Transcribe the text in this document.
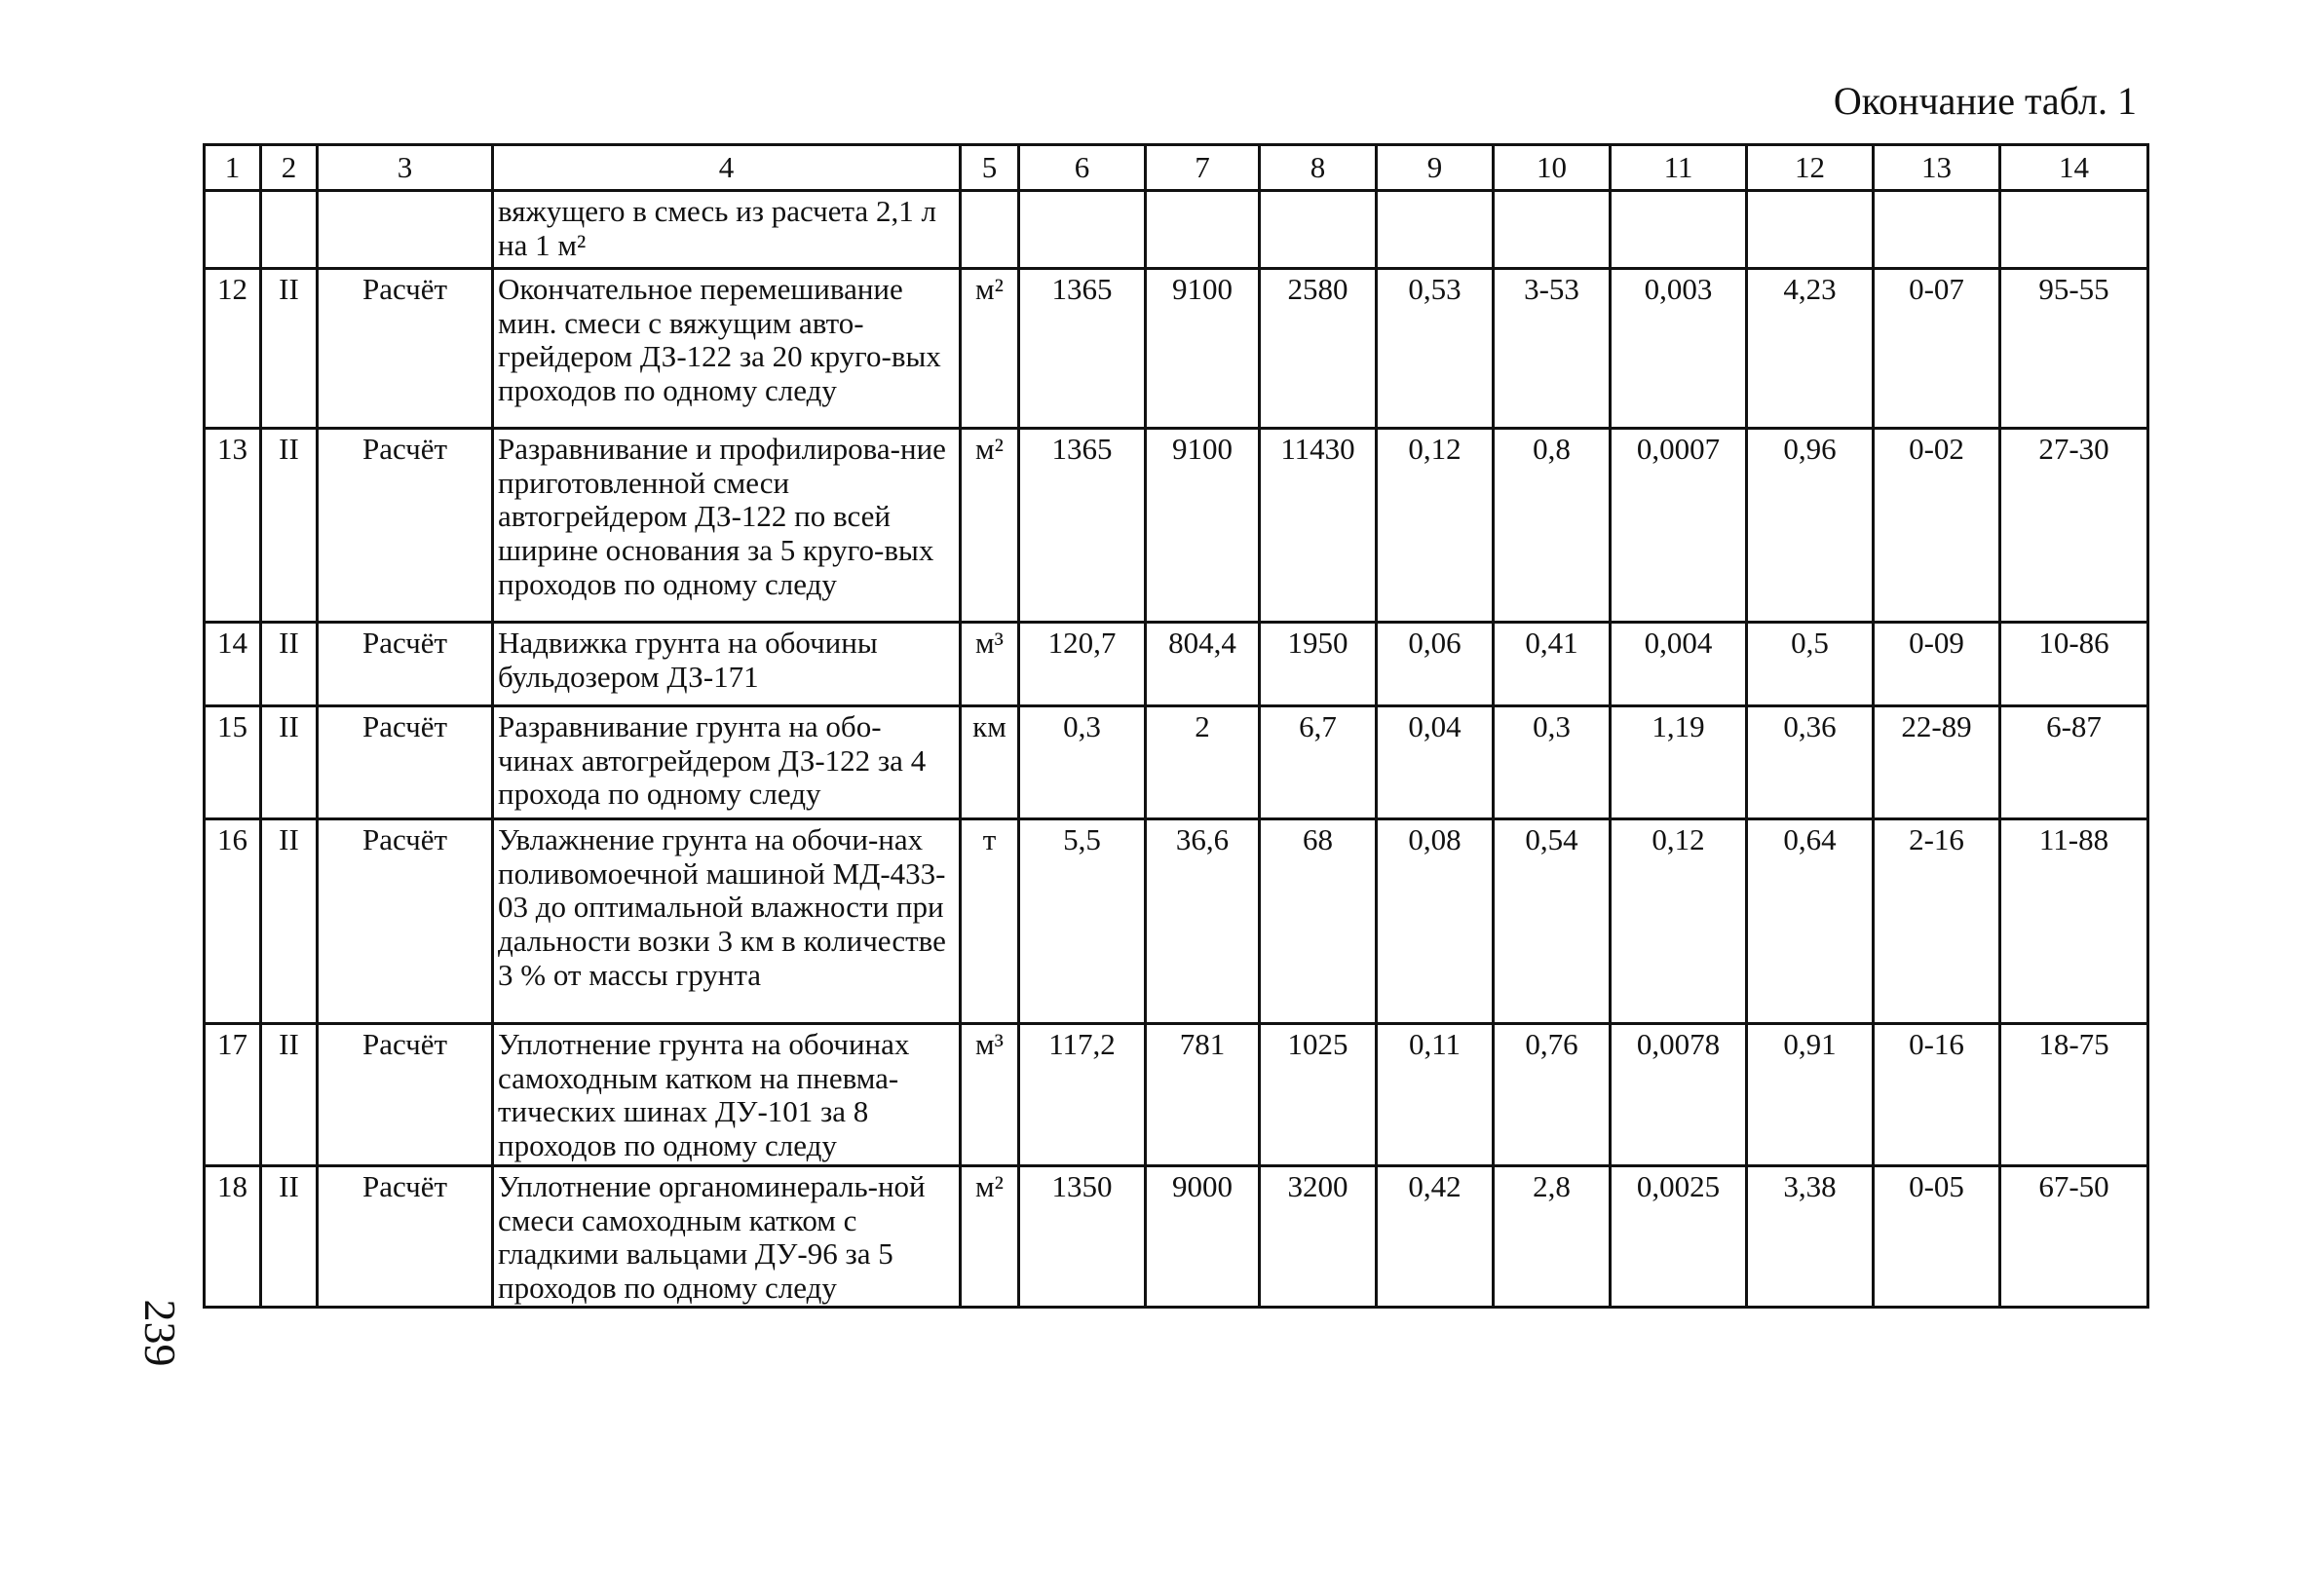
Окончание табл. 1
1	2	3	4	5	6	7	8	9	10	11	12	13	14
			вяжущего в смесь из расчета 2,1 л на 1 м²										
12	II	Расчёт	Окончательное перемешивание мин. смеси с вяжущим авто-грейдером ДЗ-122 за 20 круго-вых проходов по одному следу	м²	1365	9100	2580	0,53	3-53	0,003	4,23	0-07	95-55
13	II	Расчёт	Разравнивание и профилирова-ние приготовленной смеси автогрейдером ДЗ-122 по всей ширине основания за 5 круго-вых проходов по одному следу	м²	1365	9100	11430	0,12	0,8	0,0007	0,96	0-02	27-30
14	II	Расчёт	Надвижка грунта на обочины бульдозером ДЗ-171	м³	120,7	804,4	1950	0,06	0,41	0,004	0,5	0-09	10-86
15	II	Расчёт	Разравнивание грунта на обо-чинах автогрейдером ДЗ-122 за 4 прохода по одному следу	км	0,3	2	6,7	0,04	0,3	1,19	0,36	22-89	6-87
16	II	Расчёт	Увлажнение грунта на обочи-нах поливомоечной машиной МД-433-03 до оптимальной влажности при дальности возки 3 км в количестве 3 % от массы грунта	т	5,5	36,6	68	0,08	0,54	0,12	0,64	2-16	11-88
17	II	Расчёт	Уплотнение грунта на обочинах самоходным катком на пневма-тических шинах ДУ-101 за 8 проходов по одному следу	м³	117,2	781	1025	0,11	0,76	0,0078	0,91	0-16	18-75
18	II	Расчёт	Уплотнение органоминераль-ной смеси самоходным катком с гладкими вальцами ДУ-96 за 5 проходов по одному следу	м²	1350	9000	3200	0,42	2,8	0,0025	3,38	0-05	67-50
239
